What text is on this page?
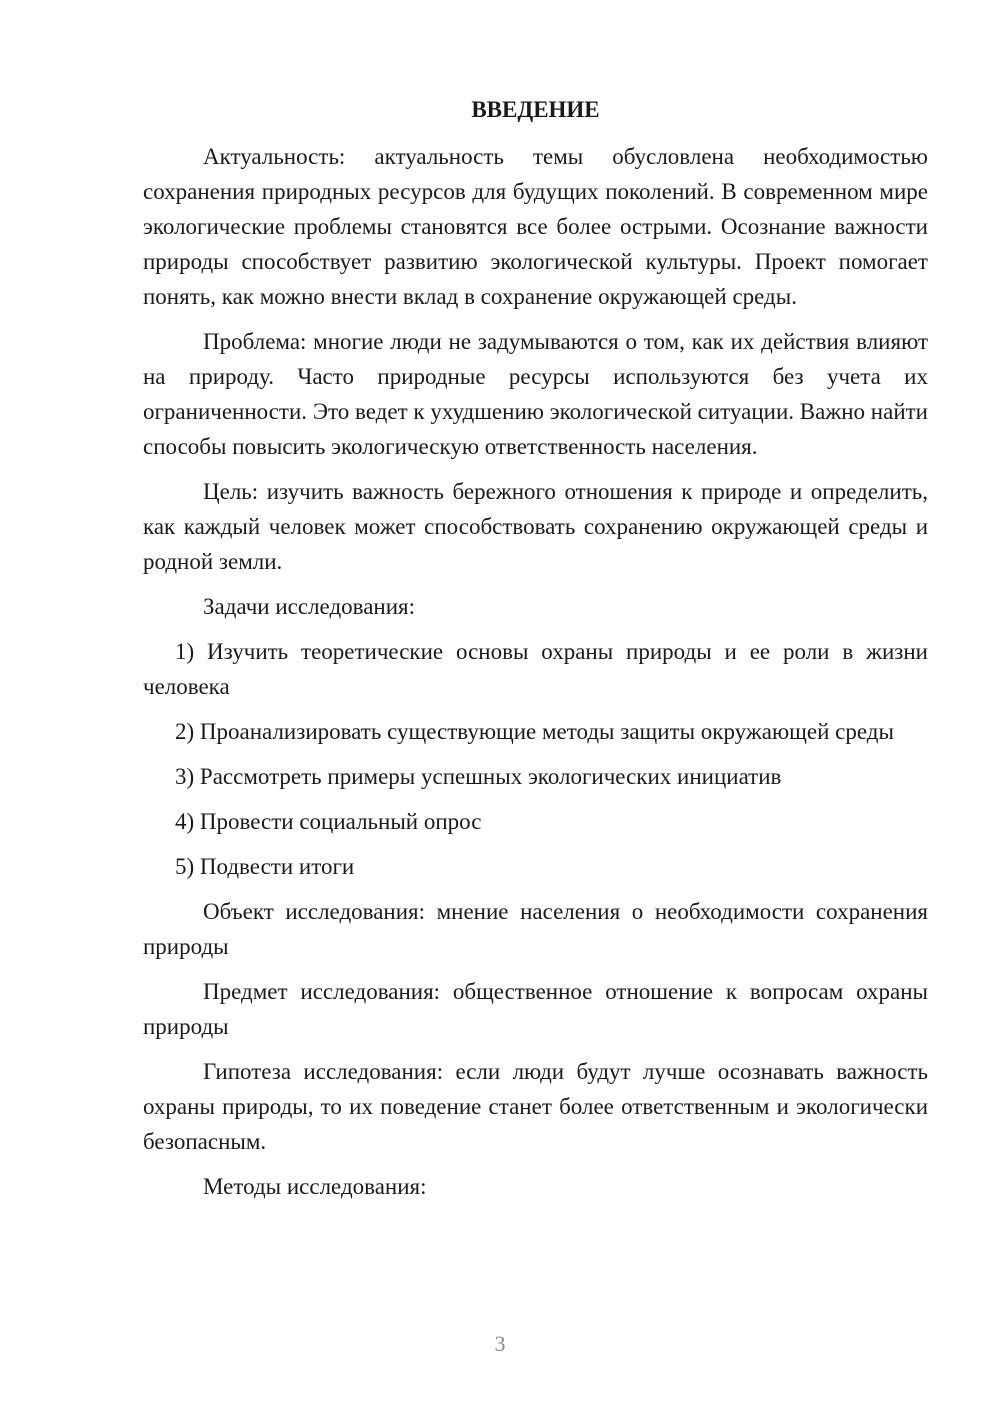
ВВЕДЕНИЕ

Актуальность: актуальность темы обусловлена необходимостью сохранения природных ресурсов для будущих поколений. В современном мире экологические проблемы становятся все более острыми. Осознание важности природы способствует развитию экологической культуры. Проект помогает понять, как можно внести вклад в сохранение окружающей среды.

Проблема: многие люди не задумываются о том, как их действия влияют на природу. Часто природные ресурсы используются без учета их ограниченности. Это ведет к ухудшению экологической ситуации. Важно найти способы повысить экологическую ответственность населения.

Цель: изучить важность бережного отношения к природе и определить, как каждый человек может способствовать сохранению окружающей среды и родной земли.

Задачи исследования:

1) Изучить теоретические основы охраны природы и ее роли в жизни человека

2) Проанализировать существующие методы защиты окружающей среды

3) Рассмотреть примеры успешных экологических инициатив

4) Провести социальный опрос

5) Подвести итоги

Объект исследования: мнение населения о необходимости сохранения природы

Предмет исследования: общественное отношение к вопросам охраны природы

Гипотеза исследования: если люди будут лучше осознавать важность охраны природы, то их поведение станет более ответственным и экологически безопасным.

Методы исследования:

3
